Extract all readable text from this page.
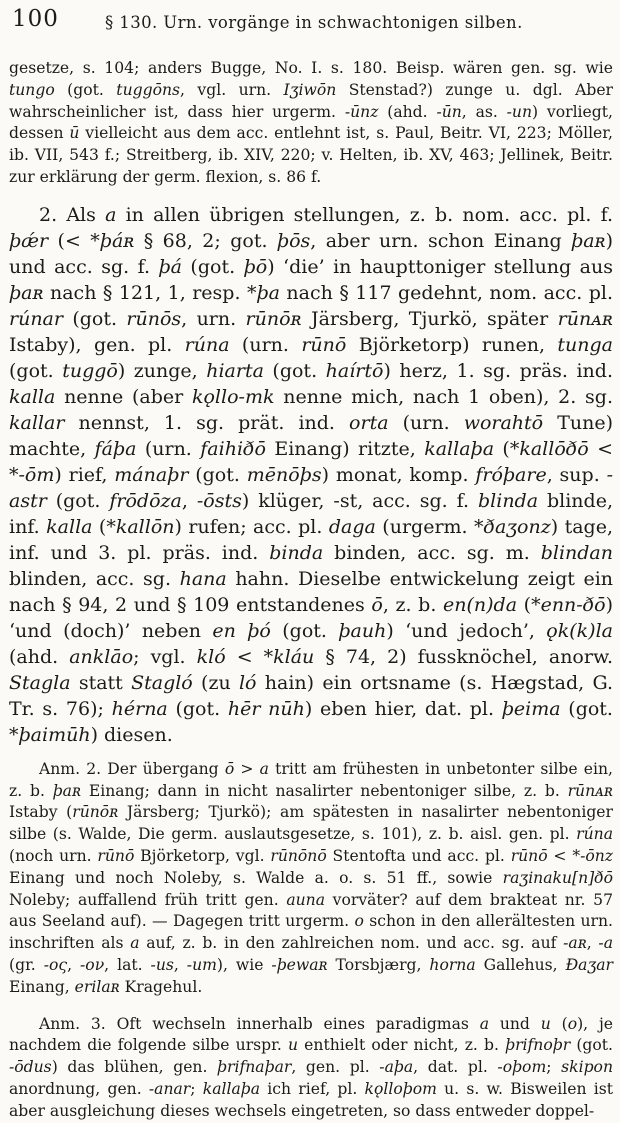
100	§ 130. Urn. vorgänge in schwachtonigen silben.

gesetze, s. 104; anders Bugge, No. I. s. 180. Beisp. wären gen. sg. wie tungo (got. tuggōns, vgl. urn. Iʒiwōn Stenstad?) zunge u. dgl. Aber wahrscheinlicher ist, dass hier urgerm. -ūnz (ahd. -ūn, as. -un) vorliegt, dessen ū vielleicht aus dem acc. entlehnt ist, s. Paul, Beitr. VI, 223; Möller, ib. VII, 543 f.; Streitberg, ib. XIV, 220; v. Helten, ib. XV, 463; Jellinek, Beitr. zur erklärung der germ. flexion, s. 86 f.

2. Als a in allen übrigen stellungen, z. b. nom. acc. pl. f. þǽr (< *þáʀ § 68, 2; got. þōs, aber urn. schon Einang þaʀ) und acc. sg. f. þá (got. þō) ‘die’ in haupttoniger stellung aus þaʀ nach § 121, 1, resp. *þa nach § 117 gedehnt, nom. acc. pl. rúnar (got. rūnōs, urn. rūnōʀ Järsberg, Tjurkö, später rūnᴀʀ Istaby), gen. pl. rúna (urn. rūnō Björketorp) runen, tunga (got. tuggō) zunge, hiarta (got. haírtō) herz, 1. sg. präs. ind. kalla nenne (aber kǫllo-mk nenne mich, nach 1 oben), 2. sg. kallar nennst, 1. sg. prät. ind. orta (urn. worahtō Tune) machte, fáþa (urn. faihiðō Einang) ritzte, kallaþa (*kallōðō < *-ōm) rief, mánaþr (got. mēnōþs) monat, komp. fróþare, sup. -astr (got. frōdōza, -ōsts) klüger, -st, acc. sg. f. blinda blinde, inf. kalla (*kallōn) rufen; acc. pl. daga (urgerm. *ðaʒonz) tage, inf. und 3. pl. präs. ind. binda binden, acc. sg. m. blindan blinden, acc. sg. hana hahn. Dieselbe entwickelung zeigt ein nach § 94, 2 und § 109 entstandenes ō, z. b. en(n)da (*enn-ðō) ‘und (doch)’ neben en þó (got. þauh) ‘und jedoch’, ǫk(k)la (ahd. anklāo; vgl. kló < *kláu § 74, 2) fussknöchel, anorw. Stagla statt Stagló (zu ló hain) ein ortsname (s. Hægstad, G. Tr. s. 76); hérna (got. hēr nūh) eben hier, dat. pl. þeima (got. *þaimūh) diesen.

Anm. 2. Der übergang ō > a tritt am frühesten in unbetonter silbe ein, z. b. þaʀ Einang; dann in nicht nasalirter nebentoniger silbe, z. b. rūnᴀʀ Istaby (rūnōʀ Järsberg; Tjurkö); am spätesten in nasalirter nebentoniger silbe (s. Walde, Die germ. auslautsgesetze, s. 101), z. b. aisl. gen. pl. rúna (noch urn. rūnō Björketorp, vgl. rūnōnō Stentofta und acc. pl. rūnō < *-ōnz Einang und noch Noleby, s. Walde a. o. s. 51 ff., sowie raʒinaku[n]ðō Noleby; auffallend früh tritt gen. auna vorväter? auf dem brakteat nr. 57 aus Seeland auf). — Dagegen tritt urgerm. o schon in den allerältesten urn. inschriften als a auf, z. b. in den zahlreichen nom. und acc. sg. auf -aʀ, -a (gr. -ος, -ον, lat. -us, -um), wie -þewaʀ Torsbjærg, horna Gallehus, Ðaʒar Einang, erilaʀ Kragehul.

Anm. 3. Oft wechseln innerhalb eines paradigmas a und u (o), je nachdem die folgende silbe urspr. u enthielt oder nicht, z. b. þrifnoþr (got. -ōdus) das blühen, gen. þrifnaþar, gen. pl. -aþa, dat. pl. -oþom; skipon anordnung, gen. -anar; kallaþa ich rief, pl. kǫlloþom u. s. w. Bisweilen ist aber ausgleichung dieses wechsels eingetreten, so dass entweder doppel-
